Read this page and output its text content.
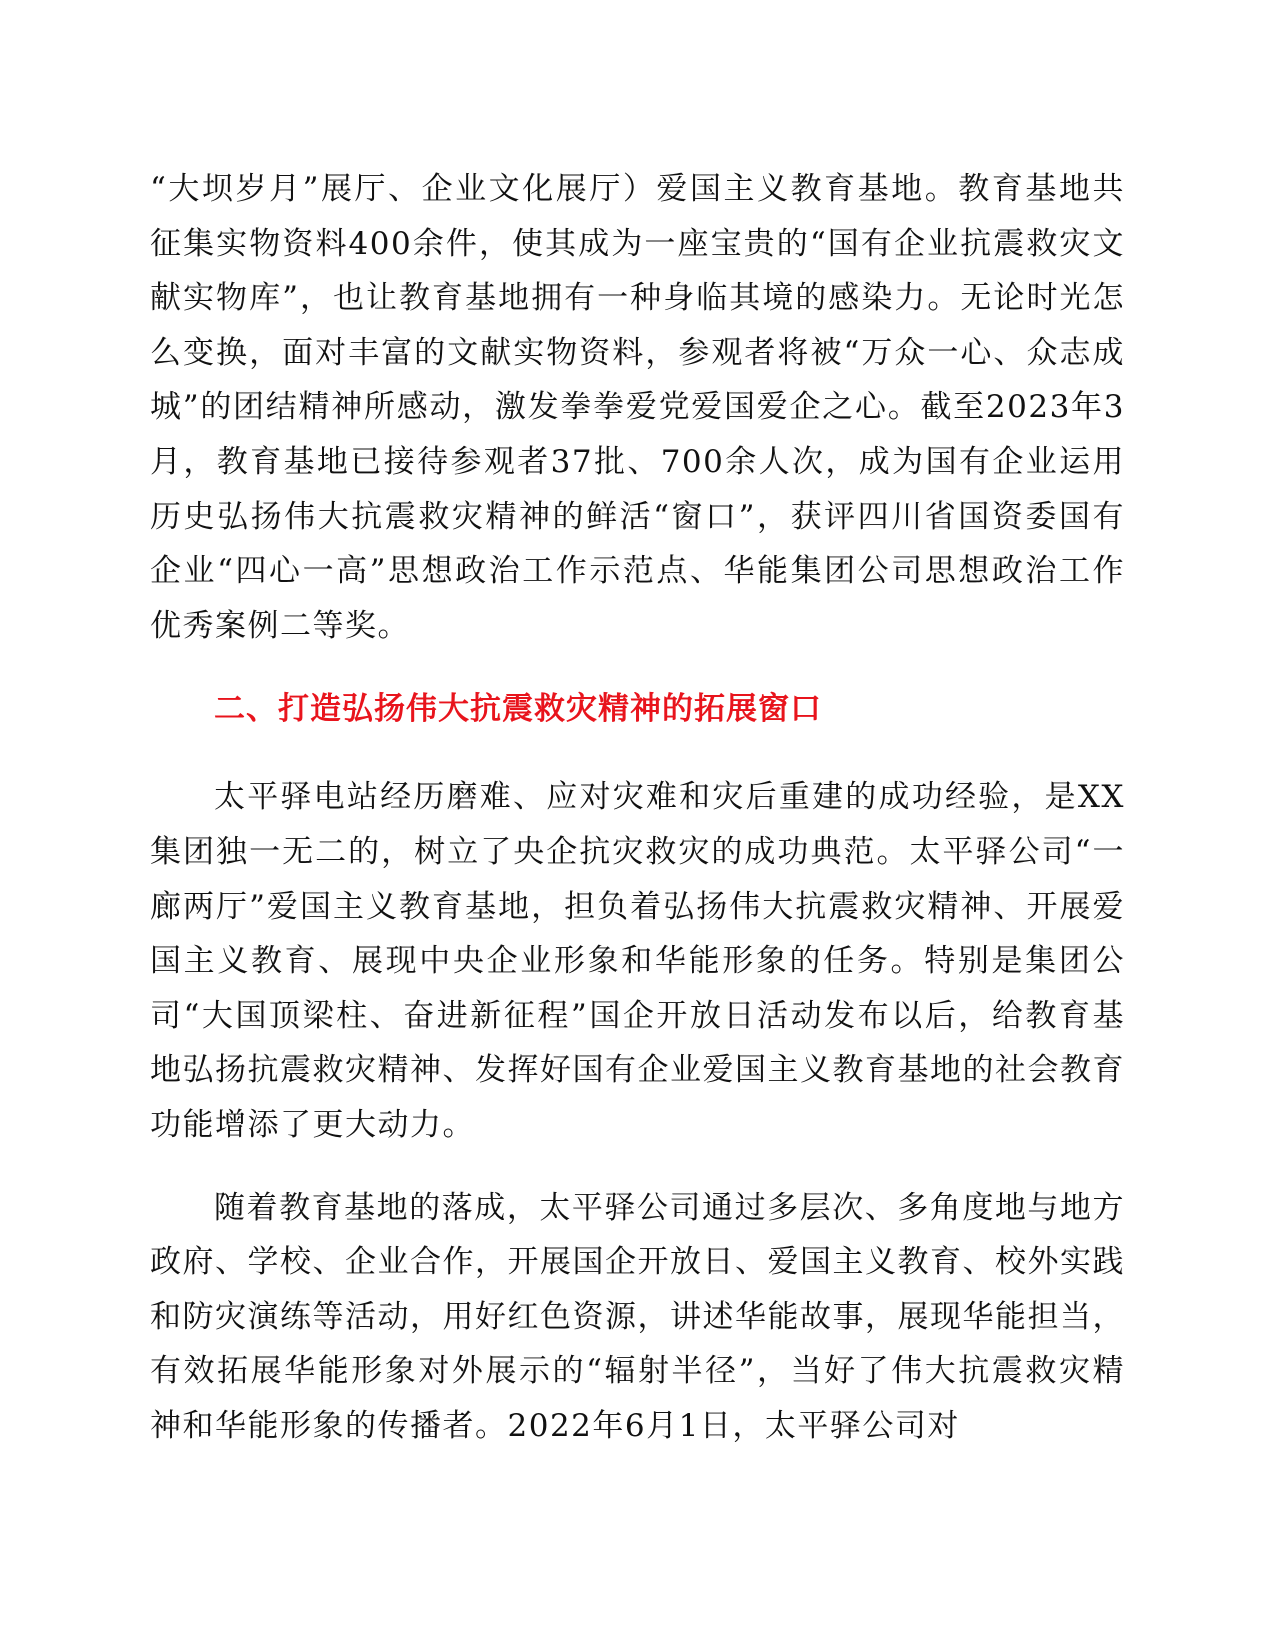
“大坝岁月”展厅、企业文化展厅）爱国主义教育基地。教育基地共征集实物资料400余件，使其成为一座宝贵的“国有企业抗震救灾文献实物库”，也让教育基地拥有一种身临其境的感染力。无论时光怎么变换，面对丰富的文献实物资料，参观者将被“万众一心、众志成城”的团结精神所感动，激发拳拳爱党爱国爱企之心。截至2023年3月，教育基地已接待参观者37批、700余人次，成为国有企业运用历史弘扬伟大抗震救灾精神的鲜活“窗口”，获评四川省国资委国有企业“四心一高”思想政治工作示范点、华能集团公司思想政治工作优秀案例二等奖。

二、打造弘扬伟大抗震救灾精神的拓展窗口

太平驿电站经历磨难、应对灾难和灾后重建的成功经验，是XX集团独一无二的，树立了央企抗灾救灾的成功典范。太平驿公司“一廊两厅”爱国主义教育基地，担负着弘扬伟大抗震救灾精神、开展爱国主义教育、展现中央企业形象和华能形象的任务。特别是集团公司“大国顶梁柱、奋进新征程”国企开放日活动发布以后，给教育基地弘扬抗震救灾精神、发挥好国有企业爱国主义教育基地的社会教育功能增添了更大动力。

随着教育基地的落成，太平驿公司通过多层次、多角度地与地方政府、学校、企业合作，开展国企开放日、爱国主义教育、校外实践和防灾演练等活动，用好红色资源，讲述华能故事，展现华能担当，有效拓展华能形象对外展示的“辐射半径”，当好了伟大抗震救灾精神和华能形象的传播者。2022年6月1日，太平驿公司对
